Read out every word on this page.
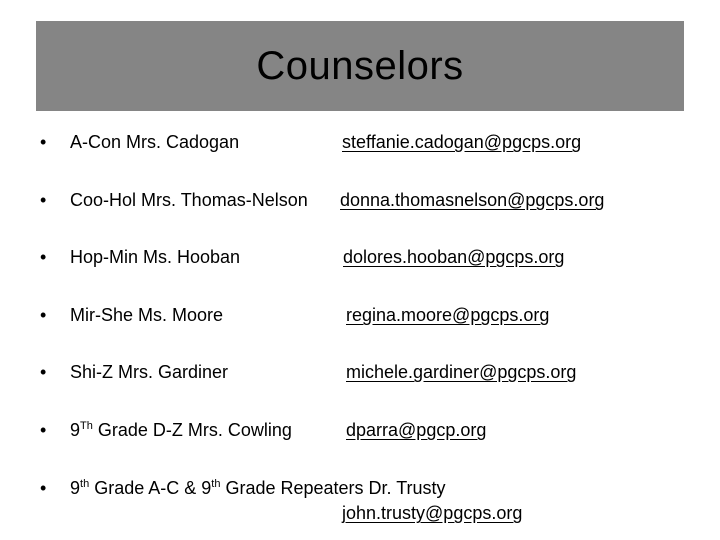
Counselors
• A-Con Mrs. Cadogan	steffanie.cadogan@pgcps.org
• Coo-Hol Mrs. Thomas-Nelson donna.thomasnelson@pgcps.org
• Hop-Min Ms. Hooban	dolores.hooban@pgcps.org
• Mir-She Ms. Moore	regina.moore@pgcps.org
• Shi-Z Mrs. Gardiner	michele.gardiner@pgcps.org
• 9Th Grade D-Z Mrs. Cowling	dparra@pgcp.org
• 9th Grade A-C & 9th Grade Repeaters Dr. Trusty
john.trusty@pgcps.org
